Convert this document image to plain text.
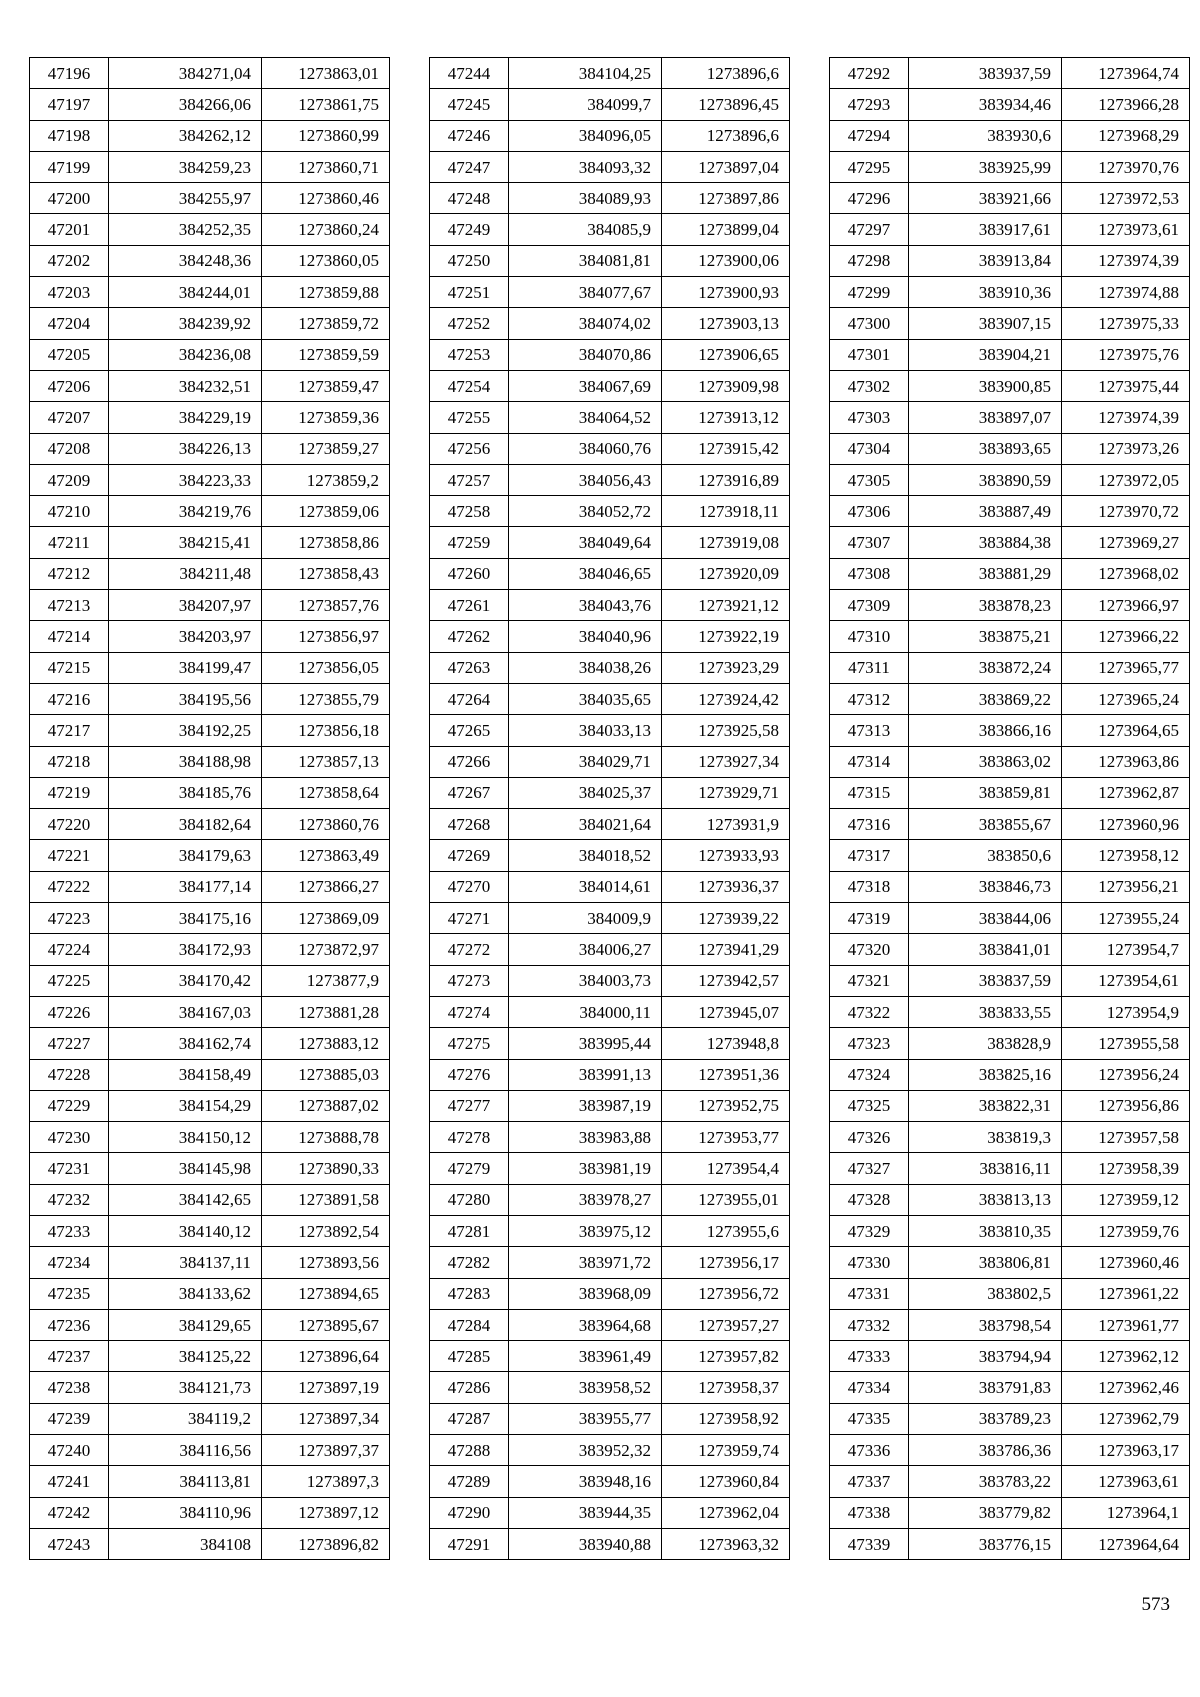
47196	384271,04	1273863,01
47197	384266,06	1273861,75
47198	384262,12	1273860,99
47199	384259,23	1273860,71
47200	384255,97	1273860,46
47201	384252,35	1273860,24
47202	384248,36	1273860,05
47203	384244,01	1273859,88
47204	384239,92	1273859,72
47205	384236,08	1273859,59
47206	384232,51	1273859,47
47207	384229,19	1273859,36
47208	384226,13	1273859,27
47209	384223,33	1273859,2
47210	384219,76	1273859,06
47211	384215,41	1273858,86
47212	384211,48	1273858,43
47213	384207,97	1273857,76
47214	384203,97	1273856,97
47215	384199,47	1273856,05
47216	384195,56	1273855,79
47217	384192,25	1273856,18
47218	384188,98	1273857,13
47219	384185,76	1273858,64
47220	384182,64	1273860,76
47221	384179,63	1273863,49
47222	384177,14	1273866,27
47223	384175,16	1273869,09
47224	384172,93	1273872,97
47225	384170,42	1273877,9
47226	384167,03	1273881,28
47227	384162,74	1273883,12
47228	384158,49	1273885,03
47229	384154,29	1273887,02
47230	384150,12	1273888,78
47231	384145,98	1273890,33
47232	384142,65	1273891,58
47233	384140,12	1273892,54
47234	384137,11	1273893,56
47235	384133,62	1273894,65
47236	384129,65	1273895,67
47237	384125,22	1273896,64
47238	384121,73	1273897,19
47239	384119,2	1273897,34
47240	384116,56	1273897,37
47241	384113,81	1273897,3
47242	384110,96	1273897,12
47243	384108	1273896,82
47244	384104,25	1273896,6
47245	384099,7	1273896,45
47246	384096,05	1273896,6
47247	384093,32	1273897,04
47248	384089,93	1273897,86
47249	384085,9	1273899,04
47250	384081,81	1273900,06
47251	384077,67	1273900,93
47252	384074,02	1273903,13
47253	384070,86	1273906,65
47254	384067,69	1273909,98
47255	384064,52	1273913,12
47256	384060,76	1273915,42
47257	384056,43	1273916,89
47258	384052,72	1273918,11
47259	384049,64	1273919,08
47260	384046,65	1273920,09
47261	384043,76	1273921,12
47262	384040,96	1273922,19
47263	384038,26	1273923,29
47264	384035,65	1273924,42
47265	384033,13	1273925,58
47266	384029,71	1273927,34
47267	384025,37	1273929,71
47268	384021,64	1273931,9
47269	384018,52	1273933,93
47270	384014,61	1273936,37
47271	384009,9	1273939,22
47272	384006,27	1273941,29
47273	384003,73	1273942,57
47274	384000,11	1273945,07
47275	383995,44	1273948,8
47276	383991,13	1273951,36
47277	383987,19	1273952,75
47278	383983,88	1273953,77
47279	383981,19	1273954,4
47280	383978,27	1273955,01
47281	383975,12	1273955,6
47282	383971,72	1273956,17
47283	383968,09	1273956,72
47284	383964,68	1273957,27
47285	383961,49	1273957,82
47286	383958,52	1273958,37
47287	383955,77	1273958,92
47288	383952,32	1273959,74
47289	383948,16	1273960,84
47290	383944,35	1273962,04
47291	383940,88	1273963,32
47292	383937,59	1273964,74
47293	383934,46	1273966,28
47294	383930,6	1273968,29
47295	383925,99	1273970,76
47296	383921,66	1273972,53
47297	383917,61	1273973,61
47298	383913,84	1273974,39
47299	383910,36	1273974,88
47300	383907,15	1273975,33
47301	383904,21	1273975,76
47302	383900,85	1273975,44
47303	383897,07	1273974,39
47304	383893,65	1273973,26
47305	383890,59	1273972,05
47306	383887,49	1273970,72
47307	383884,38	1273969,27
47308	383881,29	1273968,02
47309	383878,23	1273966,97
47310	383875,21	1273966,22
47311	383872,24	1273965,77
47312	383869,22	1273965,24
47313	383866,16	1273964,65
47314	383863,02	1273963,86
47315	383859,81	1273962,87
47316	383855,67	1273960,96
47317	383850,6	1273958,12
47318	383846,73	1273956,21
47319	383844,06	1273955,24
47320	383841,01	1273954,7
47321	383837,59	1273954,61
47322	383833,55	1273954,9
47323	383828,9	1273955,58
47324	383825,16	1273956,24
47325	383822,31	1273956,86
47326	383819,3	1273957,58
47327	383816,11	1273958,39
47328	383813,13	1273959,12
47329	383810,35	1273959,76
47330	383806,81	1273960,46
47331	383802,5	1273961,22
47332	383798,54	1273961,77
47333	383794,94	1273962,12
47334	383791,83	1273962,46
47335	383789,23	1273962,79
47336	383786,36	1273963,17
47337	383783,22	1273963,61
47338	383779,82	1273964,1
47339	383776,15	1273964,64
573
